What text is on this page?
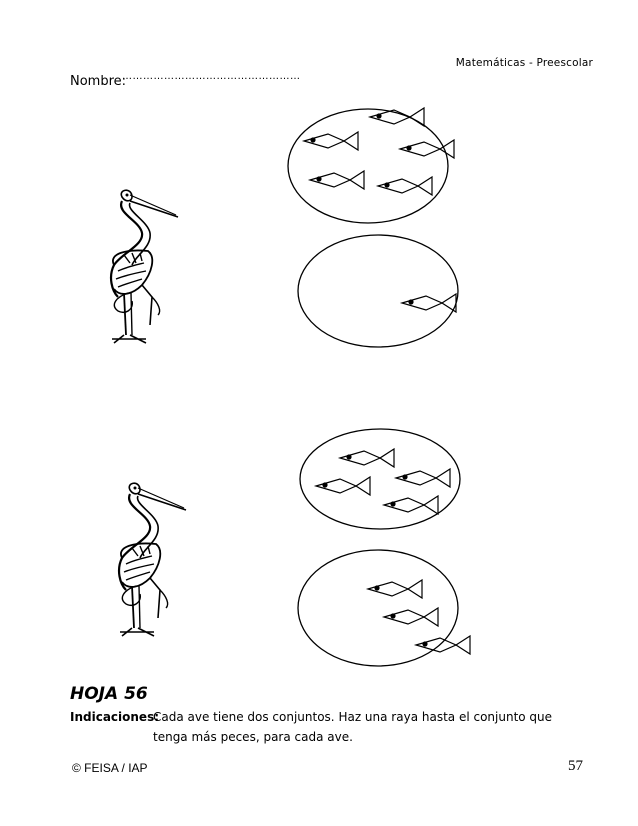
Matemáticas - Preescolar
Nombre:
……………………………………………
HOJA 56
Indicaciones:
Cada ave tiene dos conjuntos. Haz una raya hasta el conjunto que
tenga más peces, para cada ave.
© FEISA / IAP	57
